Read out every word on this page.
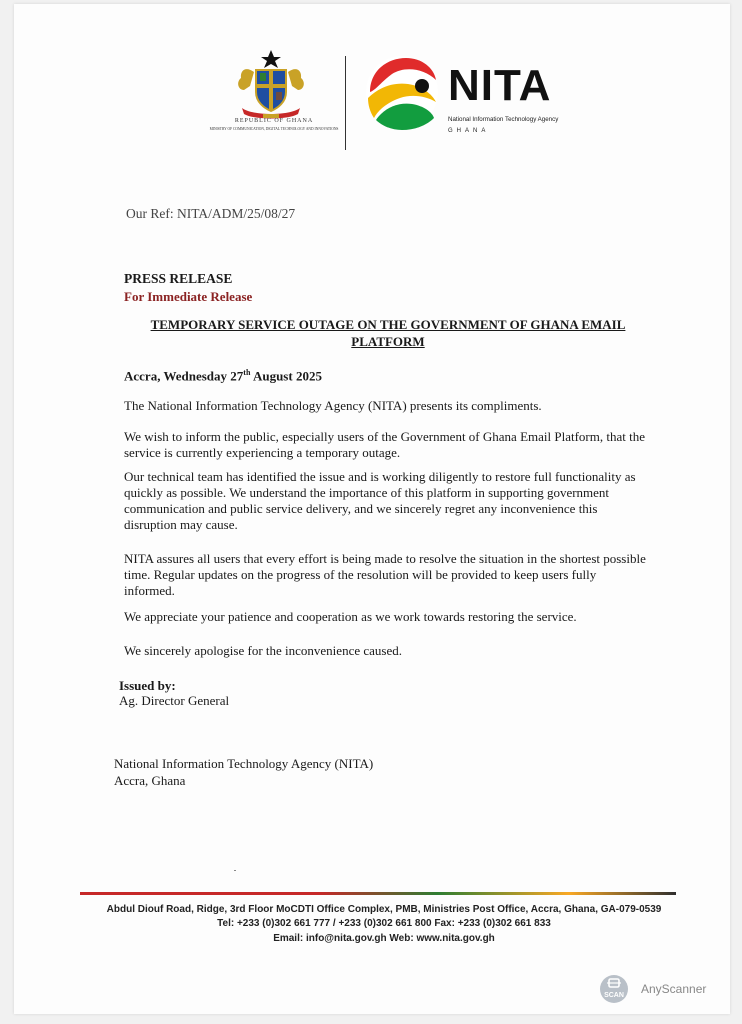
REPUBLIC OF GHANA
MINISTRY OF COMMUNICATION, DIGITAL TECHNOLOGY AND INNOVATIONS
NITA
National Information Technology Agency
GHANA
Our Ref: NITA/ADM/25/08/27
PRESS RELEASE
For Immediate Release
TEMPORARY SERVICE OUTAGE ON THE GOVERNMENT OF GHANA EMAIL PLATFORM
Accra, Wednesday 27th August 2025
The National Information Technology Agency (NITA) presents its compliments.
We wish to inform the public, especially users of the Government of Ghana Email Platform, that the service is currently experiencing a temporary outage.
Our technical team has identified the issue and is working diligently to restore full functionality as quickly as possible. We understand the importance of this platform in supporting government communication and public service delivery, and we sincerely regret any inconvenience this disruption may cause.
NITA assures all users that every effort is being made to resolve the situation in the shortest possible time. Regular updates on the progress of the resolution will be provided to keep users fully informed.
We appreciate your patience and cooperation as we work towards restoring the service.
We sincerely apologise for the inconvenience caused.
Issued by:
Ag. Director General
National Information Technology Agency (NITA)
Accra, Ghana
Abdul Diouf Road, Ridge, 3rd Floor MoCDTI Office Complex, PMB, Ministries Post Office, Accra, Ghana, GA-079-0539
Tel: +233 (0)302 661 777 / +233 (0)302 661 800 Fax: +233 (0)302 661 833
Email: info@nita.gov.gh Web: www.nita.gov.gh
SCAN AnyScanner
